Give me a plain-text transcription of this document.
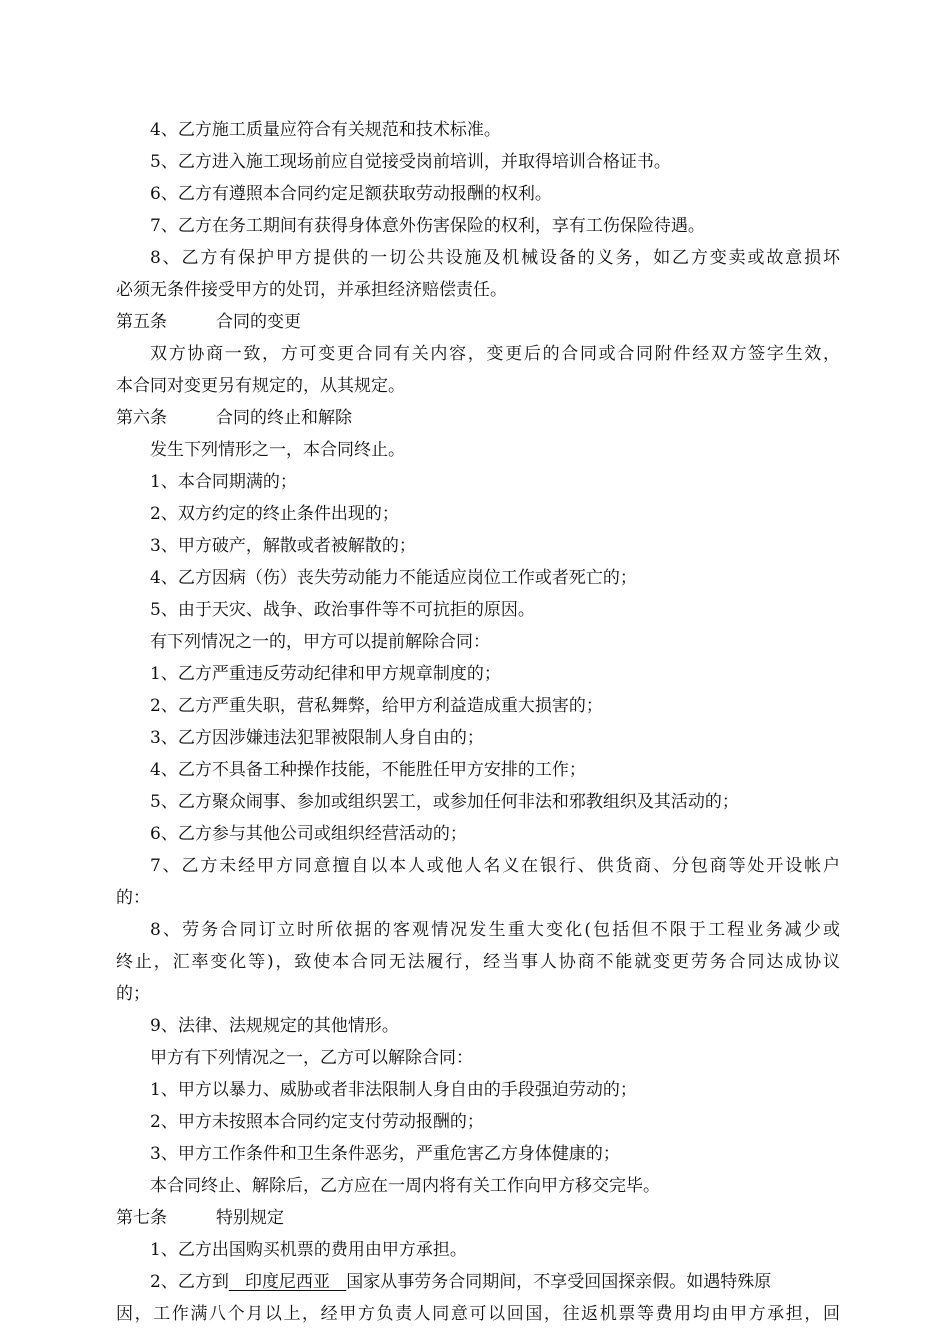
4、乙方施工质量应符合有关规范和技术标准。
5、乙方进入施工现场前应自觉接受岗前培训，并取得培训合格证书。
6、乙方有遵照本合同约定足额获取劳动报酬的权利。
7、乙方在务工期间有获得身体意外伤害保险的权利，享有工伤保险待遇。
8、乙方有保护甲方提供的一切公共设施及机械设备的义务，如乙方变卖或故意损坏
必须无条件接受甲方的处罚，并承担经济赔偿责任。
第五条	合同的变更
双方协商一致，方可变更合同有关内容，变更后的合同或合同附件经双方签字生效，
本合同对变更另有规定的，从其规定。
第六条	合同的终止和解除
发生下列情形之一，本合同终止。
1、本合同期满的；
2、双方约定的终止条件出现的；
3、甲方破产，解散或者被解散的；
4、乙方因病（伤）丧失劳动能力不能适应岗位工作或者死亡的；
5、由于天灾、战争、政治事件等不可抗拒的原因。
有下列情况之一的，甲方可以提前解除合同：
1、乙方严重违反劳动纪律和甲方规章制度的；
2、乙方严重失职，营私舞弊，给甲方利益造成重大损害的；
3、乙方因涉嫌违法犯罪被限制人身自由的；
4、乙方不具备工种操作技能，不能胜任甲方安排的工作；
5、乙方聚众闹事、参加或组织罢工，或参加任何非法和邪教组织及其活动的；
6、乙方参与其他公司或组织经营活动的；
7、乙方未经甲方同意擅自以本人或他人名义在银行、供货商、分包商等处开设帐户
的：
8、劳务合同订立时所依据的客观情况发生重大变化(包括但不限于工程业务减少或
终止，汇率变化等)，致使本合同无法履行，经当事人协商不能就变更劳务合同达成协议
的；
9、法律、法规规定的其他情形。
甲方有下列情况之一，乙方可以解除合同：
1、甲方以暴力、威胁或者非法限制人身自由的手段强迫劳动的；
2、甲方未按照本合同约定支付劳动报酬的；
3、甲方工作条件和卫生条件恶劣，严重危害乙方身体健康的；
本合同终止、解除后，乙方应在一周内将有关工作向甲方移交完毕。
第七条	特别规定
1、乙方出国购买机票的费用由甲方承担。
2、乙方到 印度尼西亚 国家从事劳务合同期间，不享受回国探亲假。如遇特殊原
因，工作满八个月以上，经甲方负责人同意可以回国，往返机票等费用均由甲方承担，回
